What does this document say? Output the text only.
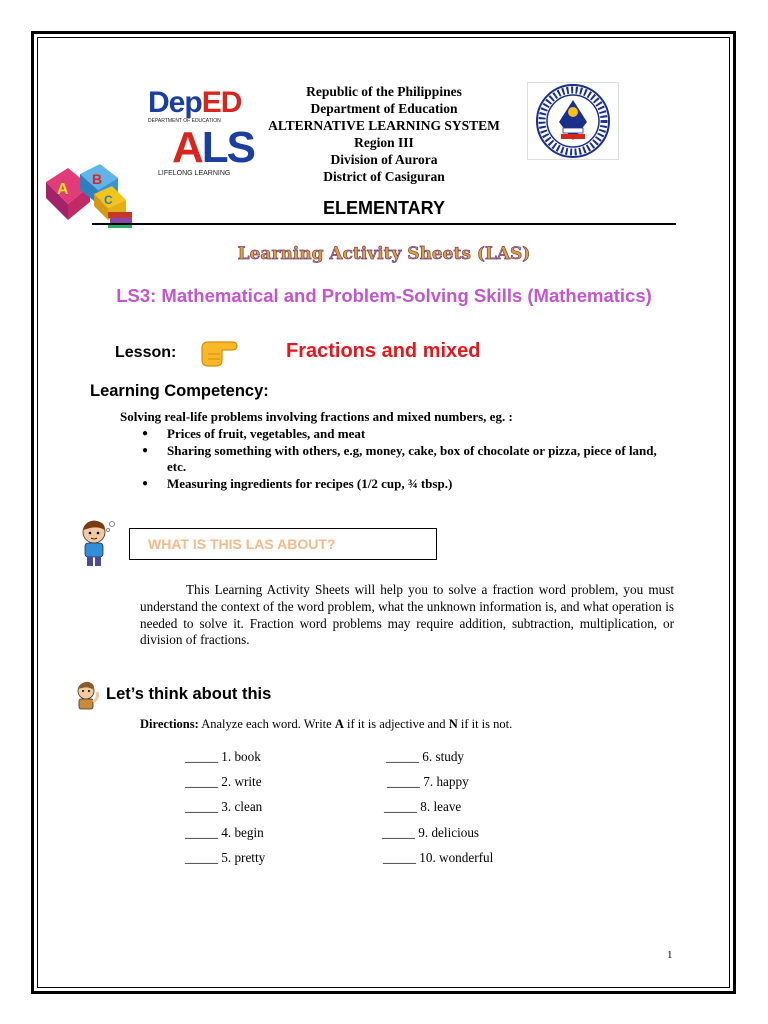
DepED
DEPARTMENT OF EDUCATION
ALS
LIFELONG LEARNING
Republic of the Philippines
Department of Education
ALTERNATIVE LEARNING SYSTEM
Region III
Division of Aurora
District of Casiguran
A
B
C	ELEMENTARY
Learning Activity Sheets (LAS)
LS3: Mathematical and Problem-Solving Skills (Mathematics)
Lesson:	Fractions and mixed
Learning Competency:
Solving real-life problems involving fractions and mixed numbers, eg. :
● Prices of fruit, vegetables, and meat
● Sharing something with others, e.g, money, cake, box of chocolate or pizza, piece of land, etc.
● Measuring ingredients for recipes (1/2 cup, ¾ tbsp.)
WHAT IS THIS LAS ABOUT?
This Learning Activity Sheets will help you to solve a fraction word problem, you must understand the context of the word problem, what the unknown information is, and what operation is needed to solve it. Fraction word problems may require addition, subtraction, multiplication, or division of fractions.
Let’s think about this
Directions: Analyze each word. Write A if it is adjective and N if it is not.
_____ 1. book	_____ 6. study
_____ 2. write	_____ 7. happy
_____ 3. clean	_____ 8. leave
_____ 4. begin	_____ 9. delicious
_____ 5. pretty	_____ 10. wonderful
1
